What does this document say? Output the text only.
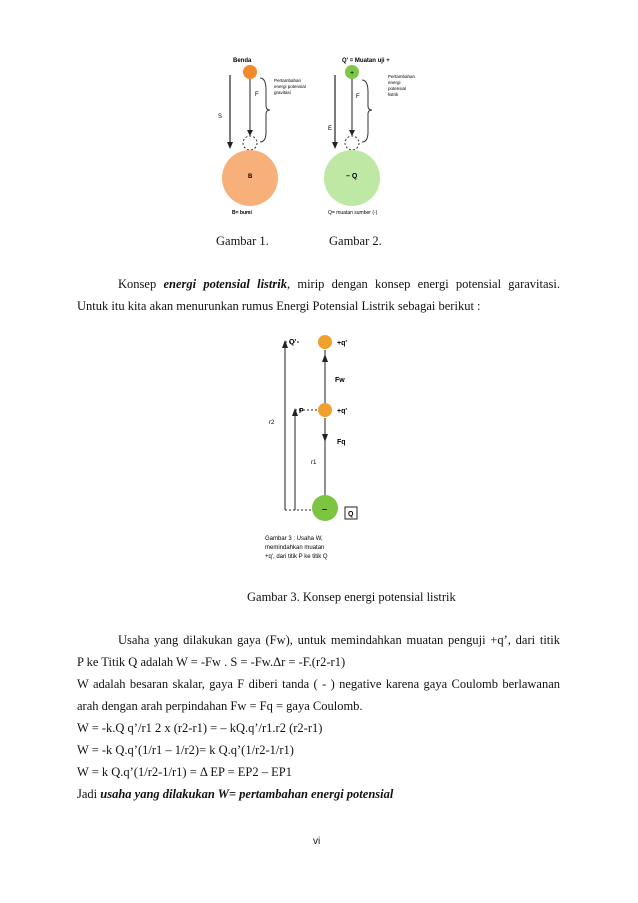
Benda
S
F
Pertambahan energi potensial gravitasi
B
B= bumi
Q' = Muatan uji +
E
+
F
Pertambahan energi potensial listrik
– Q
Q= muatan sumber (-)
Gambar 1.	Gambar 2.
Konsep energi potensial listrik, mirip dengan konsep energi potensial garavitasi.
Untuk itu kita akan menurunkan rumus Energi Potensial Listrik sebagai berikut :
r2
r1
Q'
P
+q'
Fw
+q'
Fq
–
Q
Gambar 3 : Usaha W, memindahkan muatan +q', dari titik P ke titik Q
Gambar 3. Konsep energi potensial listrik
Usaha yang dilakukan gaya (Fw), untuk memindahkan muatan penguji +q’, dari titik
P ke Titik Q adalah W = -Fw . S = -Fw.Δr = -F.(r2-r1)
W adalah besaran skalar, gaya F diberi tanda ( - ) negative karena gaya Coulomb berlawanan
arah dengan arah perpindahan Fw = Fq = gaya Coulomb.
W = -k.Q q’/r1 2 x (r2-r1) = – kQ.q’/r1.r2 (r2-r1)
W = -k Q.q’(1/r1 – 1/r2)= k Q.q’(1/r2-1/r1)
W = k Q.q’(1/r2-1/r1) = Δ EP = EP2 – EP1
Jadi usaha yang dilakukan W= pertambahan energi potensial
vi
